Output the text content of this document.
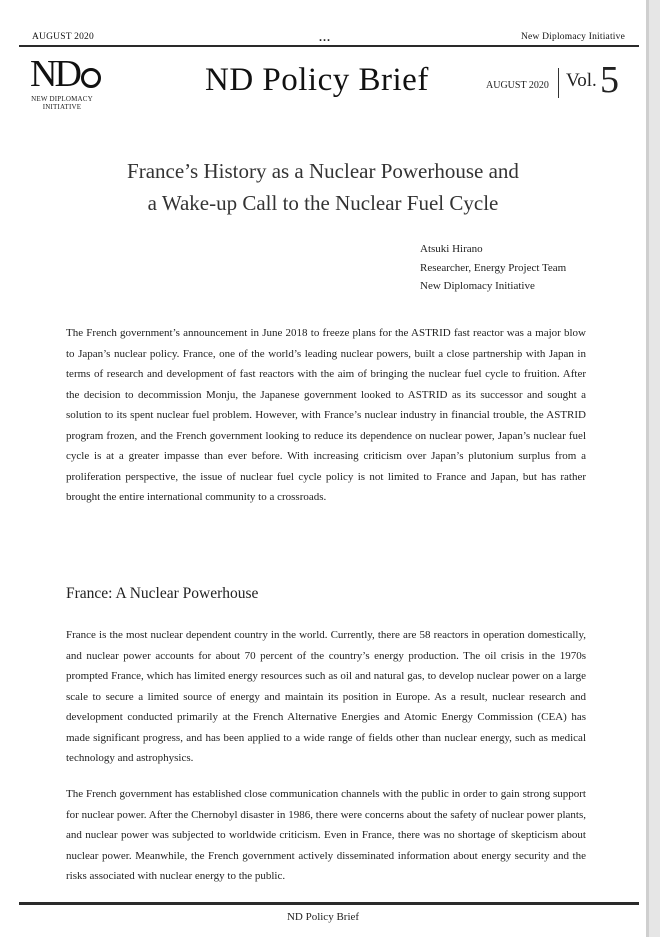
AUGUST 2020	...	New Diplomacy Initiative
ND
NEW DIPLOMACY
INITIATIVE
ND Policy Brief	AUGUST 2020 Vol. 5
France’s History as a Nuclear Powerhouse and
a Wake-up Call to the Nuclear Fuel Cycle
Atsuki Hirano
Researcher, Energy Project Team
New Diplomacy Initiative
The French government’s announcement in June 2018 to freeze plans for the ASTRID fast reactor was a major blow to Japan’s nuclear policy. France, one of the world’s leading nuclear powers, built a close partnership with Japan in terms of research and development of fast reactors with the aim of bringing the nuclear fuel cycle to fruition. After the decision to decommission Monju, the Japanese government looked to ASTRID as its successor and sought a solution to its spent nuclear fuel problem. However, with France’s nuclear industry in financial trouble, the ASTRID program frozen, and the French government looking to reduce its dependence on nuclear power, Japan’s nuclear fuel cycle is at a greater impasse than ever before. With increasing criticism over Japan’s plutonium surplus from a proliferation perspective, the issue of nuclear fuel cycle policy is not limited to France and Japan, but has rather brought the entire international community to a crossroads.
France: A Nuclear Powerhouse
France is the most nuclear dependent country in the world. Currently, there are 58 reactors in operation domestically, and nuclear power accounts for about 70 percent of the country’s energy production. The oil crisis in the 1970s prompted France, which has limited energy resources such as oil and natural gas, to develop nuclear power on a large scale to secure a limited source of energy and maintain its position in Europe. As a result, nuclear research and development conducted primarily at the French Alternative Energies and Atomic Energy Commission (CEA) has made significant progress, and has been applied to a wide range of fields other than nuclear energy, such as medical technology and astrophysics.
The French government has established close communication channels with the public in order to gain strong support for nuclear power. After the Chernobyl disaster in 1986, there were concerns about the safety of nuclear power plants, and nuclear power was subjected to worldwide criticism. Even in France, there was no shortage of skepticism about nuclear power. Meanwhile, the French government actively disseminated information about energy security and the risks associated with nuclear energy to the public.
ND Policy Brief
